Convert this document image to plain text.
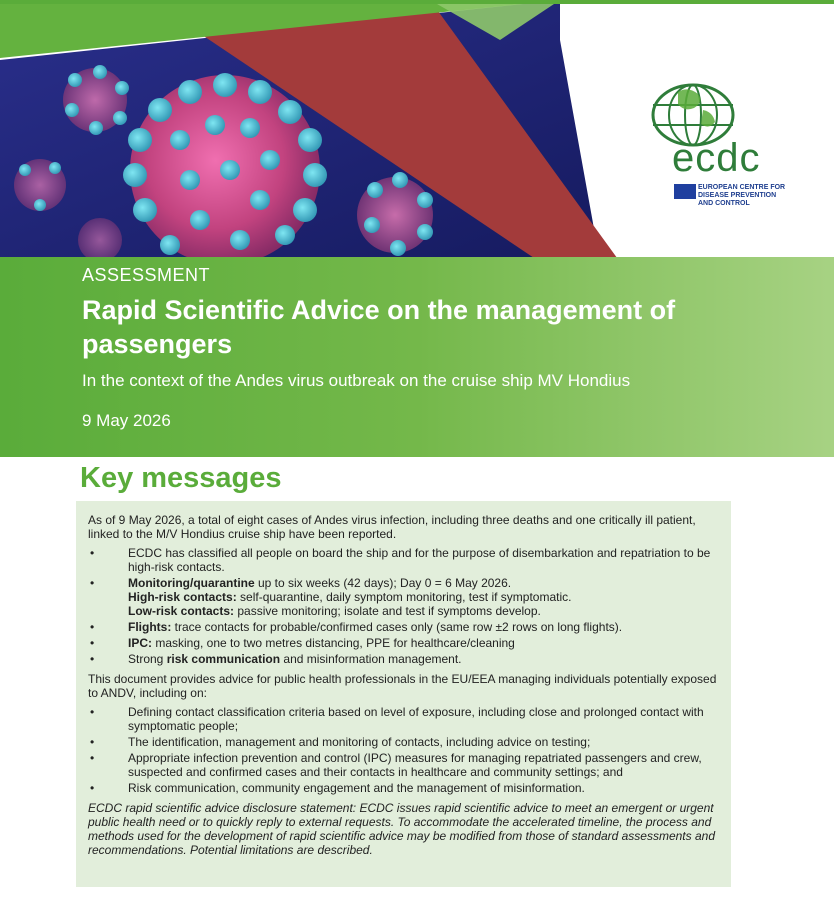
ecdc
EUROPEAN CENTRE FOR DISEASE PREVENTION AND CONTROL
ASSESSMENT
Rapid Scientific Advice on the management of passengers
In the context of the Andes virus outbreak on the cruise ship MV Hondius
9 May 2026
Key messages

As of 9 May 2026, a total of eight cases of Andes virus infection, including three deaths and one critically ill patient, linked to the M/V Hondius cruise ship have been reported.

•	ECDC has classified all people on board the ship and for the purpose of disembarkation and repatriation to be high-risk contacts.
•	Monitoring/quarantine up to six weeks (42 days); Day 0 = 6 May 2026.
High-risk contacts: self-quarantine, daily symptom monitoring, test if symptomatic.
Low-risk contacts: passive monitoring; isolate and test if symptoms develop.
•	Flights: trace contacts for probable/confirmed cases only (same row ±2 rows on long flights).
•	IPC: masking, one to two metres distancing, PPE for healthcare/cleaning
•	Strong risk communication and misinformation management.

This document provides advice for public health professionals in the EU/EEA managing individuals potentially exposed to ANDV, including on:

•	Defining contact classification criteria based on level of exposure, including close and prolonged contact with symptomatic people;
•	The identification, management and monitoring of contacts, including advice on testing;
•	Appropriate infection prevention and control (IPC) measures for managing repatriated passengers and crew, suspected and confirmed cases and their contacts in healthcare and community settings; and
•	Risk communication, community engagement and the management of misinformation.

ECDC rapid scientific advice disclosure statement: ECDC issues rapid scientific advice to meet an emergent or urgent public health need or to quickly reply to external requests. To accommodate the accelerated timeline, the process and methods used for the development of rapid scientific advice may be modified from those of standard assessments and recommendations. Potential limitations are described.
